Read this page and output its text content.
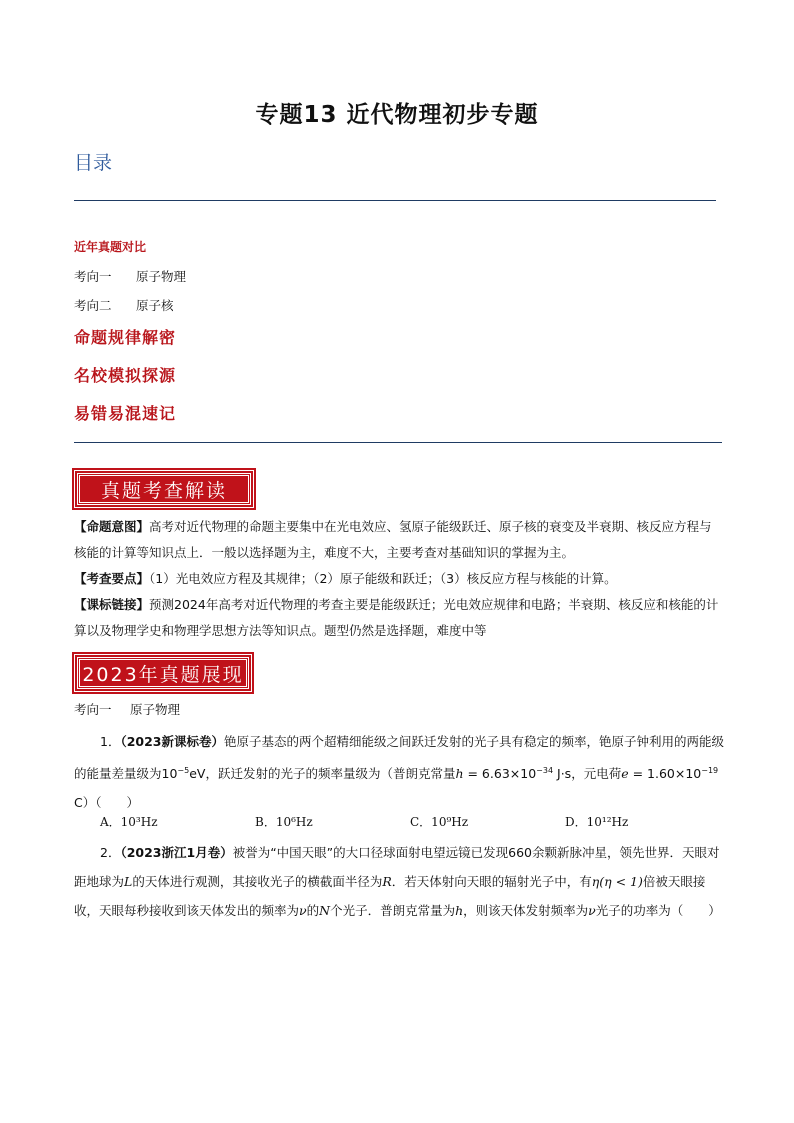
专题13 近代物理初步专题
目录
近年真题对比
考向一	原子物理
考向二	原子核
命题规律解密
名校模拟探源
易错易混速记
真题考查解读
【命题意图】高考对近代物理的命题主要集中在光电效应、氢原子能级跃迁、原子核的衰变及半衰期、核反应方程与核能的计算等知识点上．一般以选择题为主，难度不大，主要考查对基础知识的掌握为主。
【考查要点】（1）光电效应方程及其规律；（2）原子能级和跃迁；（3）核反应方程与核能的计算。
【课标链接】预测2024年高考对近代物理的考查主要是能级跃迁；光电效应规律和电路；半衰期、核反应和核能的计算以及物理学史和物理学思想方法等知识点。题型仍然是选择题，难度中等
2023年真题展现
考向一	原子物理
1．（2023新课标卷）铯原子基态的两个超精细能级之间跃迁发射的光子具有稳定的频率，铯原子钟利用的两能级的能量差量级为$10^{-5}eV$，跃迁发射的光子的频率量级为（普朗克常量$h = 6.63\times 10^{-34}$ J·s，元电荷$e = 1.60\times 10^{-19}$ C）（　　）
A．10³Hz	B．10⁶Hz	C．10⁹Hz	D．10¹²Hz
2．（2023浙江1月卷）被誉为“中国天眼”的大口径球面射电望远镜已发现660余颗新脉冲星，领先世界．天眼对距地球为L的天体进行观测，其接收光子的横截面半径为R．若天体射向天眼的辐射光子中，有η(η < 1)倍被天眼接收，天眼每秒接收到该天体发出的频率为ν的N个光子．普朗克常量为h，则该天体发射频率为ν光子的功率为（　　）
